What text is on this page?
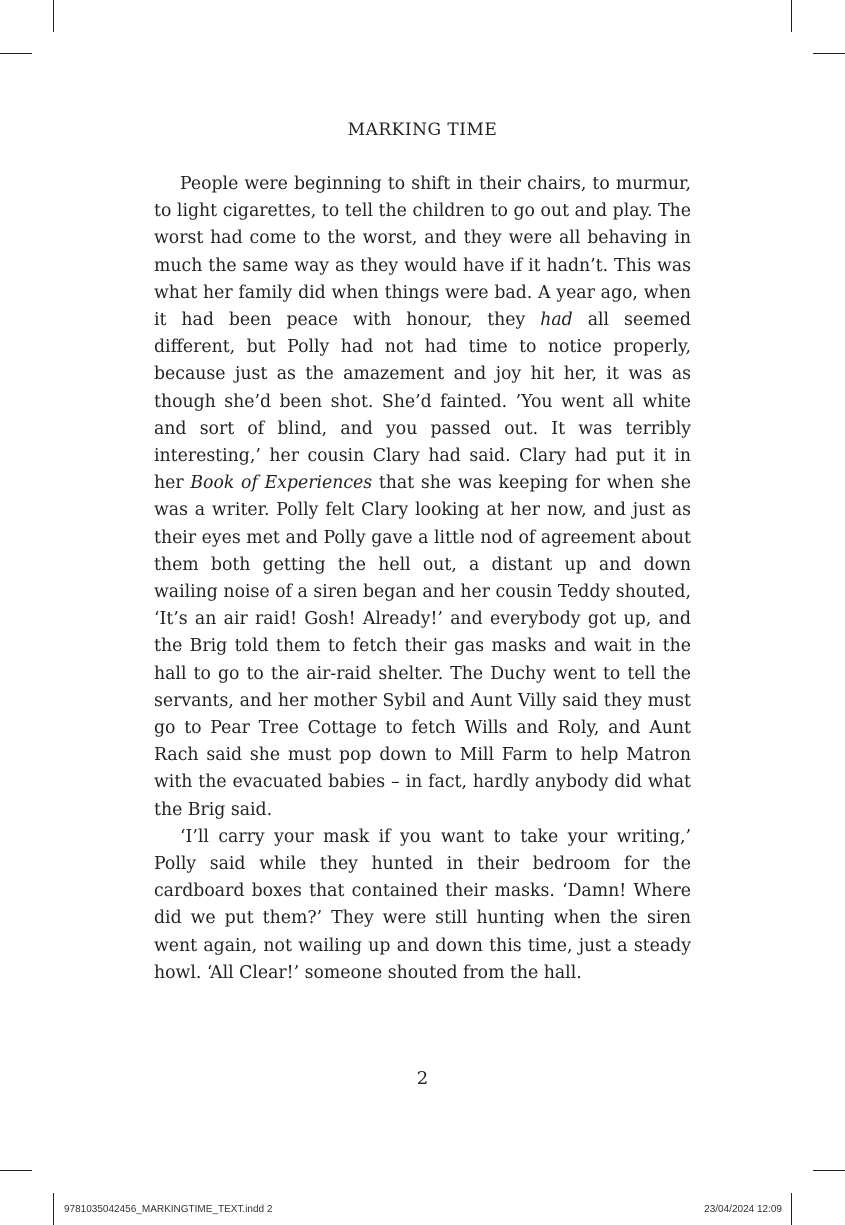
MARKING TIME

People were beginning to shift in their chairs, to murmur, to light cigarettes, to tell the children to go out and play. The worst had come to the worst, and they were all behaving in much the same way as they would have if it hadn’t. This was what her family did when things were bad. A year ago, when it had been peace with honour, they had all seemed different, but Polly had not had time to notice properly, because just as the amazement and joy hit her, it was as though she’d been shot. She’d fainted. ’You went all white and sort of blind, and you passed out. It was terribly interesting,’ her cousin Clary had said. Clary had put it in her Book of Experiences that she was keeping for when she was a writer. Polly felt Clary looking at her now, and just as their eyes met and Polly gave a little nod of agreement about them both getting the hell out, a distant up and down wailing noise of a siren began and her cousin Teddy shouted, ‘It’s an air raid! Gosh! Already!’ and everybody got up, and the Brig told them to fetch their gas masks and wait in the hall to go to the air-raid shelter. The Duchy went to tell the servants, and her mother Sybil and Aunt Villy said they must go to Pear Tree Cottage to fetch Wills and Roly, and Aunt Rach said she must pop down to Mill Farm to help Matron with the evacuated babies – in fact, hardly anybody did what the Brig said.

‘I’ll carry your mask if you want to take your writing,’ Polly said while they hunted in their bedroom for the cardboard boxes that contained their masks. ‘Damn! Where did we put them?’ They were still hunting when the siren went again, not wailing up and down this time, just a steady howl. ‘All Clear!’ someone shouted from the hall.

2
9781035042456_MARKINGTIME_TEXT.indd 2	23/04/2024 12:09
